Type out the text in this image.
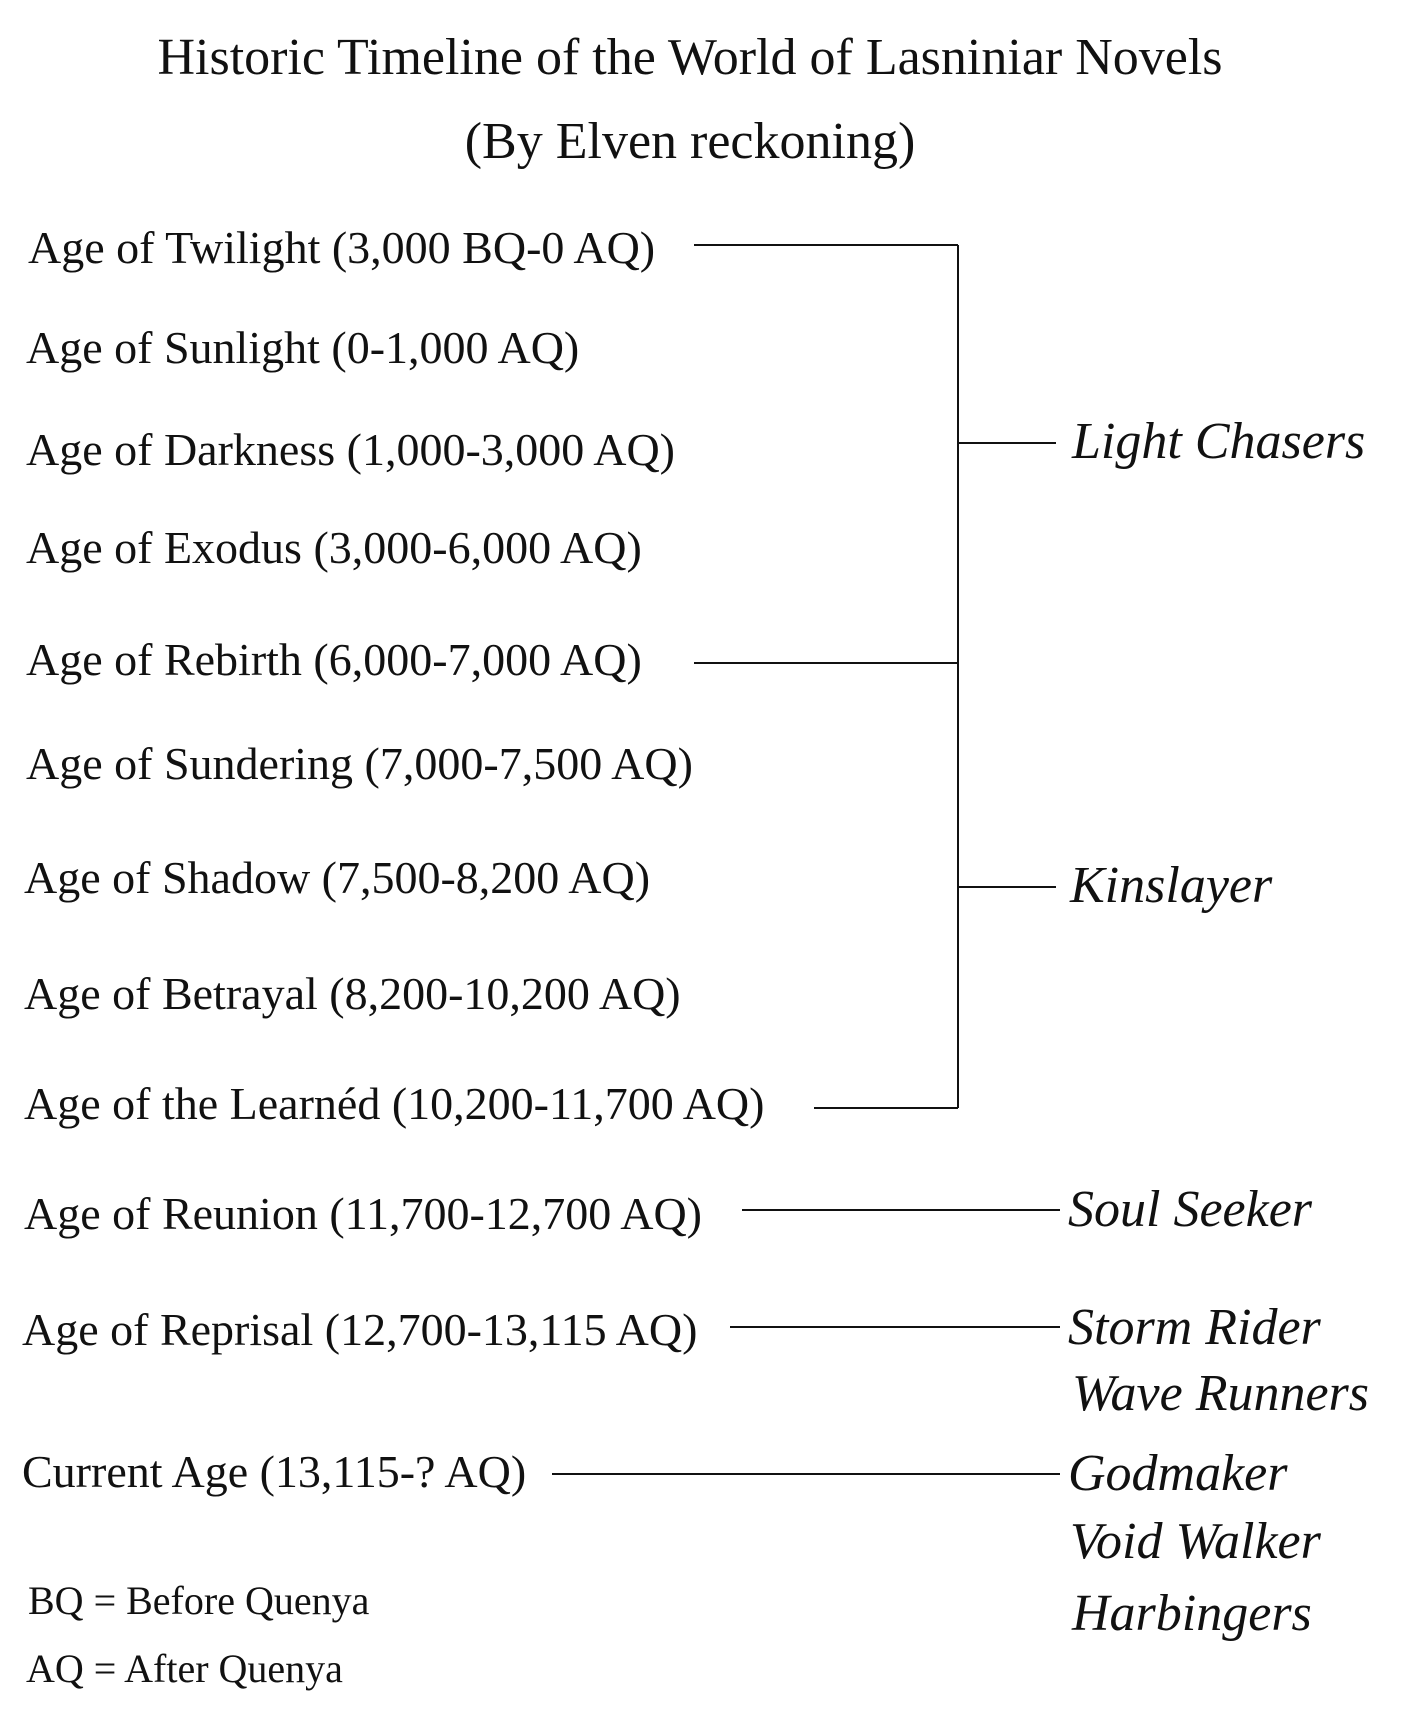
Historic Timeline of the World of Lasniniar Novels
(By Elven reckoning)
Age of Twilight (3,000 BQ-0 AQ)
Age of Sunlight (0-1,000 AQ)
Age of Darkness (1,000-3,000 AQ)
Age of Exodus (3,000-6,000 AQ)
Age of Rebirth (6,000-7,000 AQ)
Age of Sundering (7,000-7,500 AQ)
Age of Shadow (7,500-8,200 AQ)
Age of Betrayal (8,200-10,200 AQ)
Age of the Learnéd (10,200-11,700 AQ)
Age of Reunion (11,700-12,700 AQ)
Age of Reprisal (12,700-13,115 AQ)
Current Age (13,115-? AQ)
Light Chasers
Kinslayer
Soul Seeker
Storm Rider
Wave Runners
Godmaker
Void Walker
Harbingers
BQ = Before Quenya
AQ = After Quenya
